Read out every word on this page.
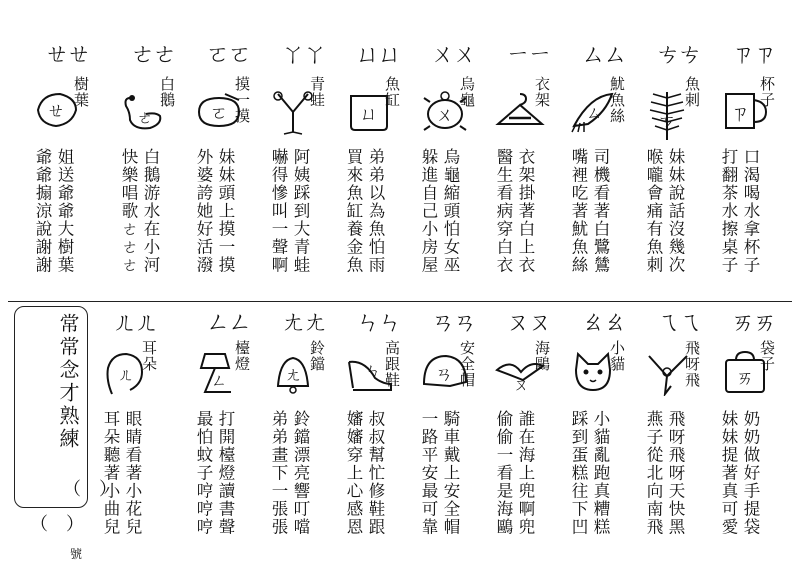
ㄗㄗ
ㄗ
杯子
口渴喝水拿杯子
打翻茶水擦桌子
ㄘㄘ
ㄘ
魚刺
妹妹說話沒幾次
喉嚨會痛有魚刺
ㄙㄙ
ㄙ 魷魚絲
司機看著白鷺鷥
嘴裡吃著魷魚絲
ㄧㄧ
衣架
衣架掛著白上衣
醫生看病穿白衣
ㄨㄨ
ㄨ
烏龜
烏龜縮頭怕女巫
躲進自己小房屋
ㄩㄩ
ㄩ
魚缸
弟弟以為魚怕雨
買來魚缸養金魚
ㄚㄚ
青蛙
阿姨踩到大青蛙
嚇得慘叫一聲啊
ㄛㄛ
ㄛ 摸一摸
妹妹頭上摸一摸
外婆誇她好活潑
ㄜㄜ
ㄜ
白鵝
白鵝游水在小河
快樂唱歌ㄜㄜㄜ
ㄝㄝ
ㄝ
樹葉
姐送爺爺大樹葉
爺爺搧涼說謝謝
ㄞㄞ
ㄞ
袋子
奶奶做好手提袋
妹妹提著真可愛
ㄟㄟ
飛呀飛
飛呀飛呀天快黑
燕子從北向南飛
ㄠㄠ
小貓
小貓亂跑真糟糕
踩到蛋糕往下凹
ㄡㄡ
ㄡ
海鷗
誰在海上兜啊兜
偷偷一看是海鷗
ㄢㄢ
ㄢ 安全帽
騎車戴上安全帽
一路平安最可靠
ㄣㄣ
ㄣ 高跟鞋
叔叔幫忙修鞋跟
嬸嬸穿上心感恩
ㄤㄤ
ㄤ
鈴鐺
鈴鐺漂亮響叮噹
弟弟畫下一張張
ㄥㄥ
ㄥ
檯燈
打開檯燈讀書聲
最怕蚊子哼哼哼
ㄦㄦ
ㄦ
耳朵
眼睛看著小花兒
耳朵聽著小曲兒
常常念才熟練
（　）
（　）
號
